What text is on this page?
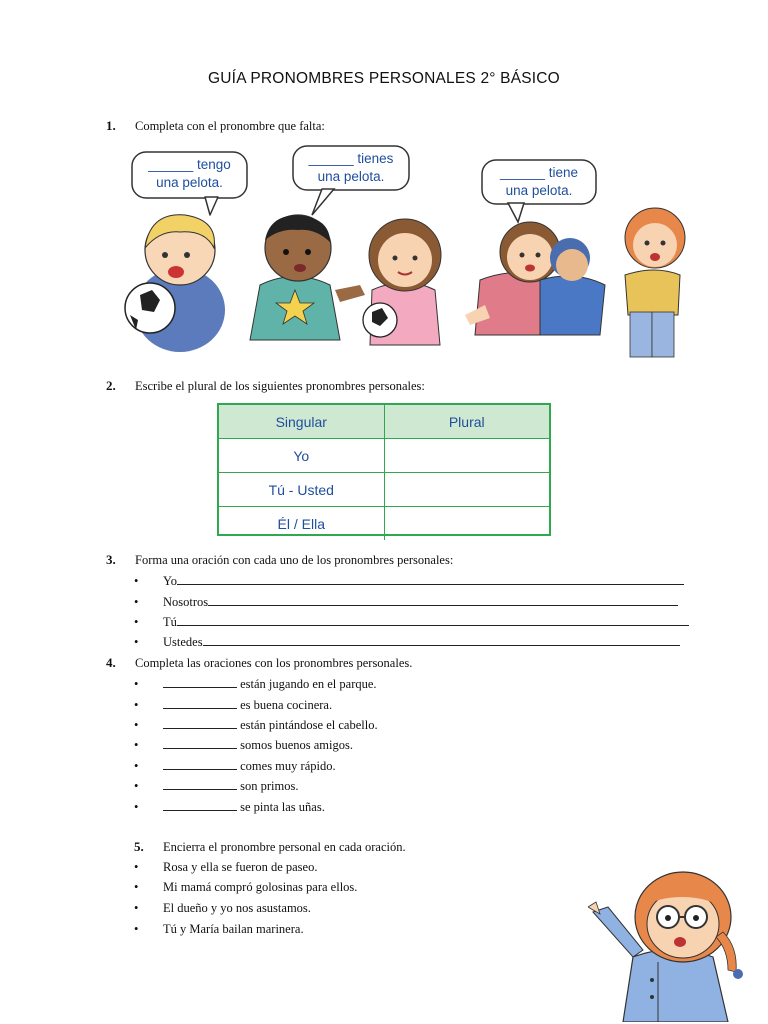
GUÍA PRONOMBRES PERSONALES 2° BÁSICO
1. Completa con el pronombre que falta:
______ tengo
una pelota.
______ tienes
una pelota.	______ tiene
una pelota.
2. Escribe el plural de los siguientes pronombres personales:
Singular	Plural
Yo
Tú - Usted
Él / Ella
3. Forma una oración con cada uno de los pronombres personales:
• Yo
• Nosotros
• Tú
• Ustedes
4. Completa las oraciones con los pronombres personales.
•	están jugando en el parque.
•	es buena cocinera.
•	están pintándose el cabello.
•	somos buenos amigos.
•	comes muy rápido.
•	son primos.
•	se pinta las uñas.
5. Encierra el pronombre personal en cada oración.
• Rosa y ella se fueron de paseo.
• Mi mamá compró golosinas para ellos.
• El dueño y yo nos asustamos.
• Tú y María bailan marinera.
